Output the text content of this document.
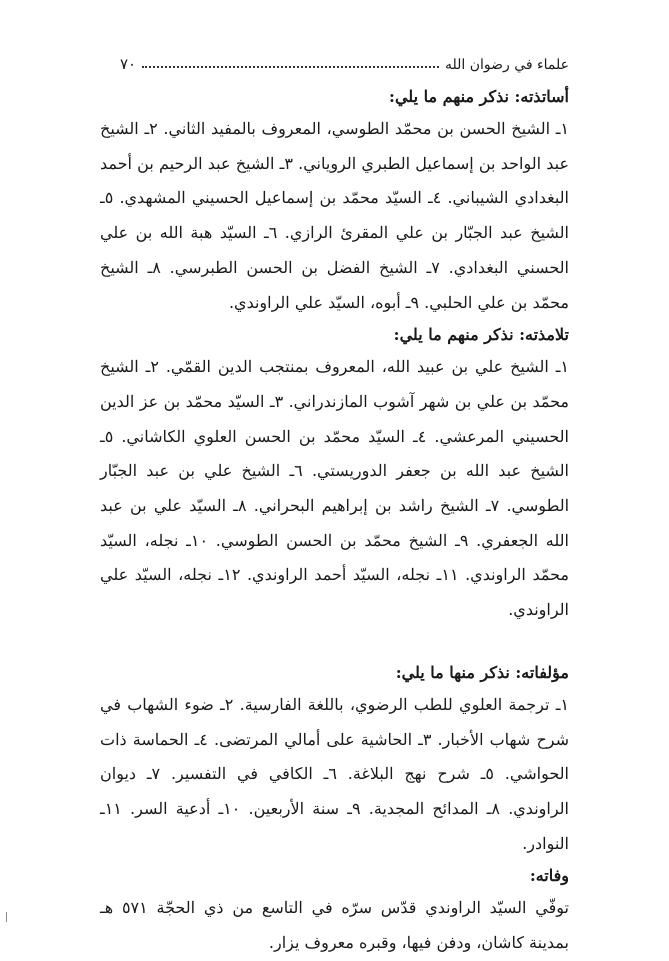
٧٠	علماء في رضوان الله

أساتذته: نذكر منهم ما يلي:

١ـ الشيخ الحسن بن محمّد الطوسي، المعروف بالمفيد الثاني. ٢ـ الشيخ عبد الواحد بن إسماعيل الطبري الروياني. ٣ـ الشيخ عبد الرحيم بن أحمد البغدادي الشيباني. ٤ـ السيّد محمّد بن إسماعيل الحسيني المشهدي. ٥ـ الشيخ عبد الجبّار بن علي المقرئ الرازي. ٦ـ السيّد هبة الله بن علي الحسني البغدادي. ٧ـ الشيخ الفضل بن الحسن الطبرسي. ٨ـ الشيخ محمّد بن علي الحلبي. ٩ـ أبوه، السيّد علي الراوندي.

تلامذته: نذكر منهم ما يلي:

١ـ الشيخ علي بن عبيد الله، المعروف بمنتجب الدين القمّي. ٢ـ الشيخ محمّد بن علي بن شهر آشوب المازندراني. ٣ـ السيّد محمّد بن عز الدين الحسيني المرعشي. ٤ـ السيّد محمّد بن الحسن العلوي الكاشاني. ٥ـ الشيخ عبد الله بن جعفر الدوريستي. ٦ـ الشيخ علي بن عبد الجبّار الطوسي. ٧ـ الشيخ راشد بن إبراهيم البحراني. ٨ـ السيّد علي بن عبد الله الجعفري. ٩ـ الشيخ محمّد بن الحسن الطوسي. ١٠ـ نجله، السيّد محمّد الراوندي. ١١ـ نجله، السيّد أحمد الراوندي. ١٢ـ نجله، السيّد علي الراوندي.

مؤلفاته: نذكر منها ما يلي:

١ـ ترجمة العلوي للطب الرضوي، باللغة الفارسية. ٢ـ ضوء الشهاب في شرح شهاب الأخبار. ٣ـ الحاشية على أمالي المرتضى. ٤ـ الحماسة ذات الحواشي. ٥ـ شرح نهج البلاغة. ٦ـ الكافي في التفسير. ٧ـ ديوان الراوندي. ٨ـ المدائح المجدية. ٩ـ سنة الأربعين. ١٠ـ أدعية السر. ١١ـ النوادر.

وفاته:

توفّي السيّد الراوندي قدّس سرّه في التاسع من ذي الحجّة ٥٧١ هـ بمدينة كاشان، ودفن فيها، وقبره معروف يزار.
